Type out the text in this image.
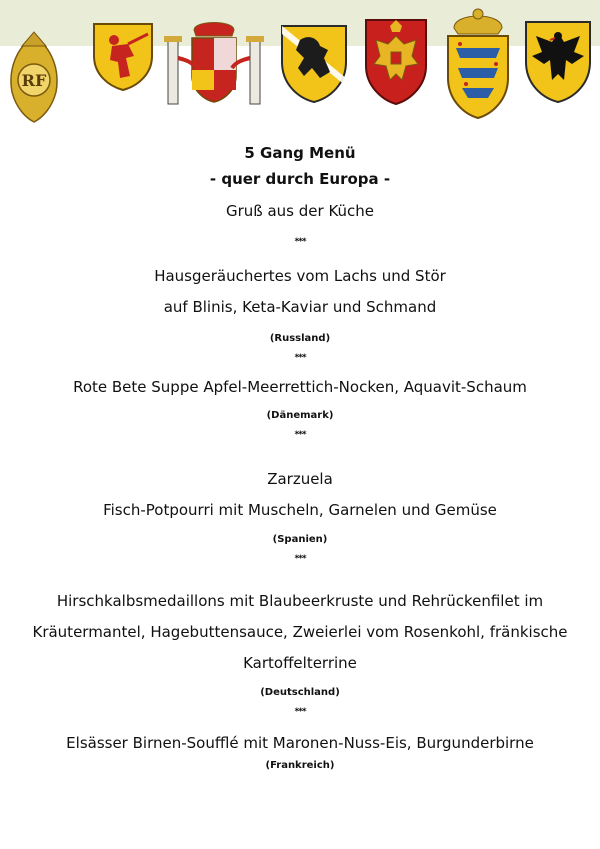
RF
5 Gang Menü
- quer durch Europa -
Gruß aus der Küche
***
Hausgeräuchertes vom Lachs und Stör
auf Blinis, Keta-Kaviar und Schmand
(Russland)
***
Rote Bete Suppe Apfel-Meerrettich-Nocken, Aquavit-Schaum
(Dänemark)
***
Zarzuela
Fisch-Potpourri mit Muscheln, Garnelen und Gemüse
(Spanien)
***
Hirschkalbsmedaillons mit Blaubeerkruste und Rehrückenfilet im
Kräutermantel, Hagebuttensauce, Zweierlei vom Rosenkohl, fränkische
Kartoffelterrine
(Deutschland)
***
Elsässer Birnen-Soufflé mit Maronen-Nuss-Eis, Burgunderbirne
(Frankreich)
